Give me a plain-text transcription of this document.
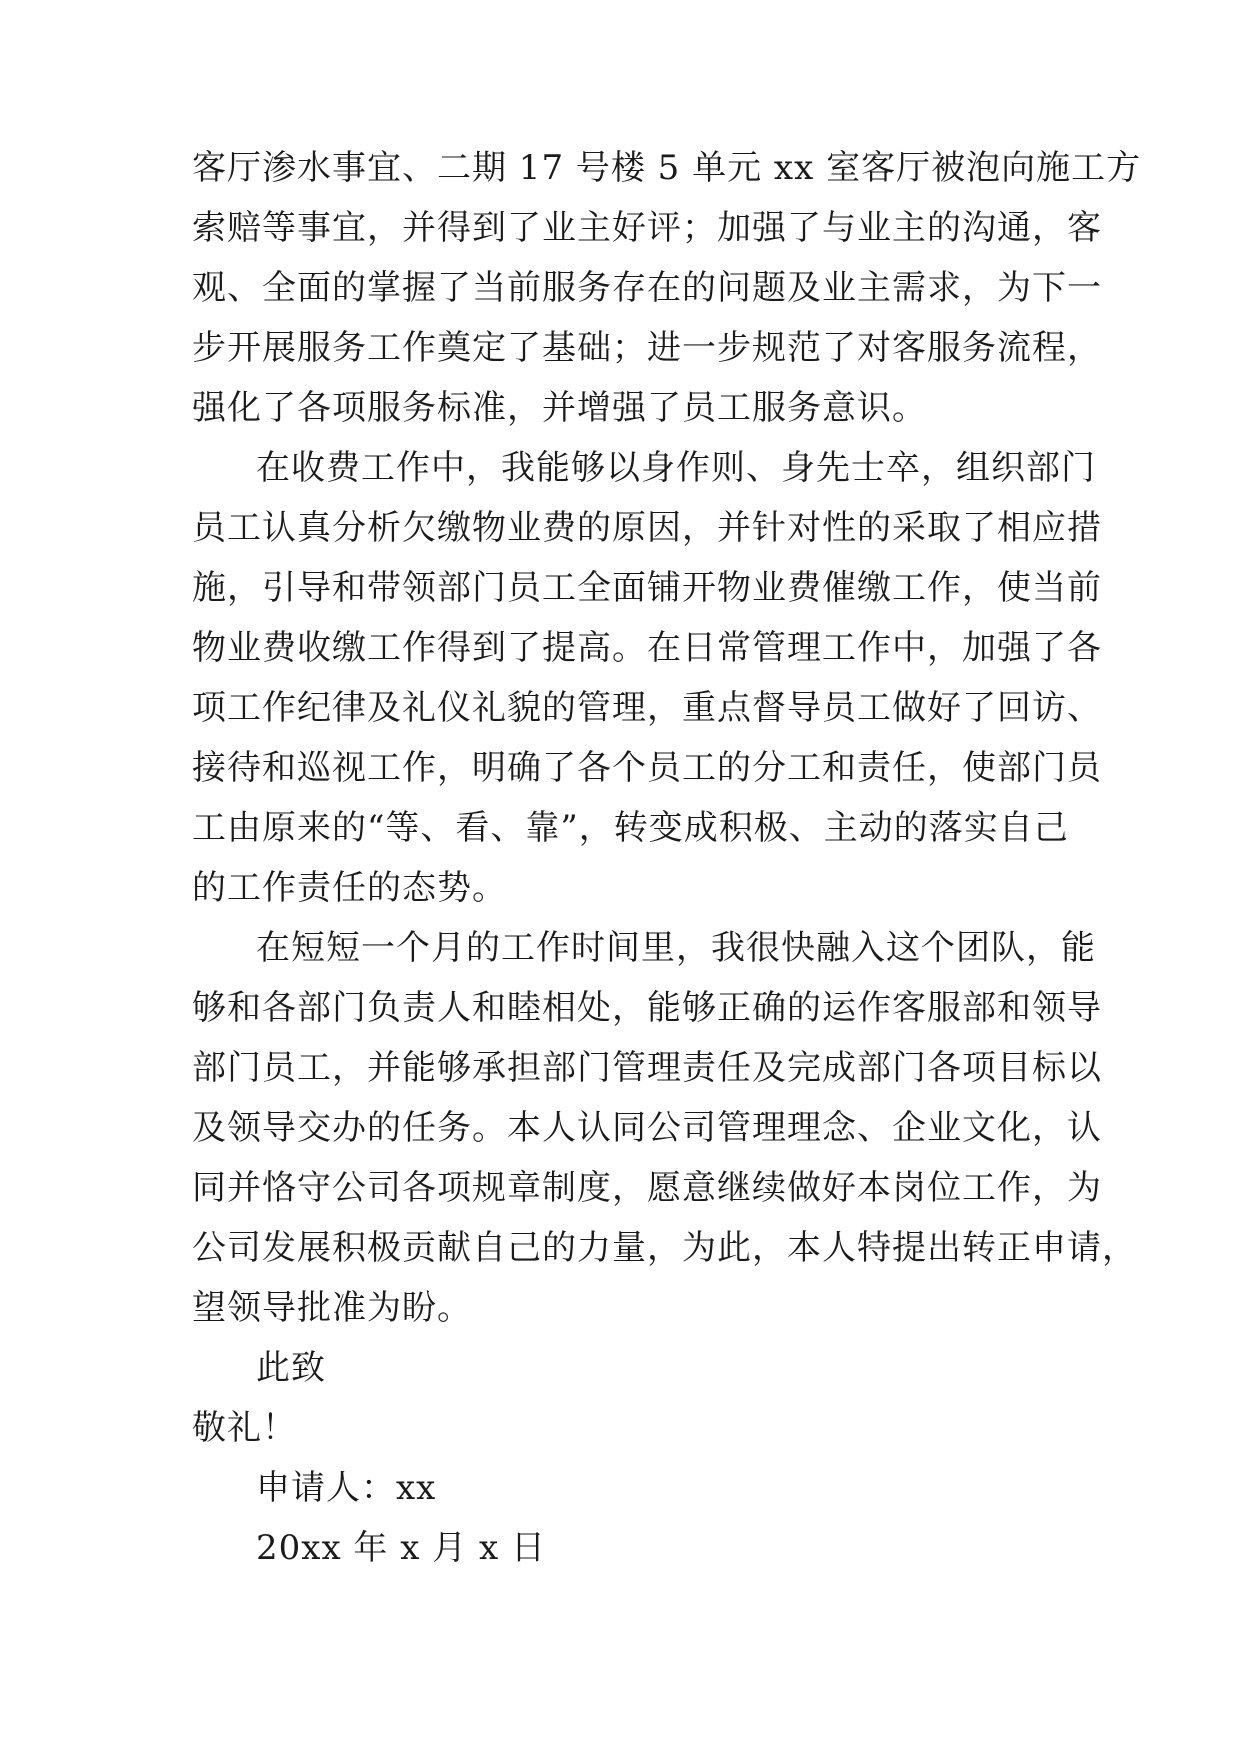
客厅渗水事宜、二期 17 号楼 5 单元 xx 室客厅被泡向施工方
索赔等事宜，并得到了业主好评；加强了与业主的沟通，客
观、全面的掌握了当前服务存在的问题及业主需求，为下一
步开展服务工作奠定了基础；进一步规范了对客服务流程，
强化了各项服务标准，并增强了员工服务意识。
在收费工作中，我能够以身作则、身先士卒，组织部门
员工认真分析欠缴物业费的原因，并针对性的采取了相应措
施，引导和带领部门员工全面铺开物业费催缴工作，使当前
物业费收缴工作得到了提高。在日常管理工作中，加强了各
项工作纪律及礼仪礼貌的管理，重点督导员工做好了回访、
接待和巡视工作，明确了各个员工的分工和责任，使部门员
工由原来的“等、看、靠”，转变成积极、主动的落实自己
的工作责任的态势。
在短短一个月的工作时间里，我很快融入这个团队，能
够和各部门负责人和睦相处，能够正确的运作客服部和领导
部门员工，并能够承担部门管理责任及完成部门各项目标以
及领导交办的任务。本人认同公司管理理念、企业文化，认
同并恪守公司各项规章制度，愿意继续做好本岗位工作，为
公司发展积极贡献自己的力量，为此，本人特提出转正申请，
望领导批准为盼。
此致
敬礼！
申请人：xx
20xx 年 x 月 x 日
